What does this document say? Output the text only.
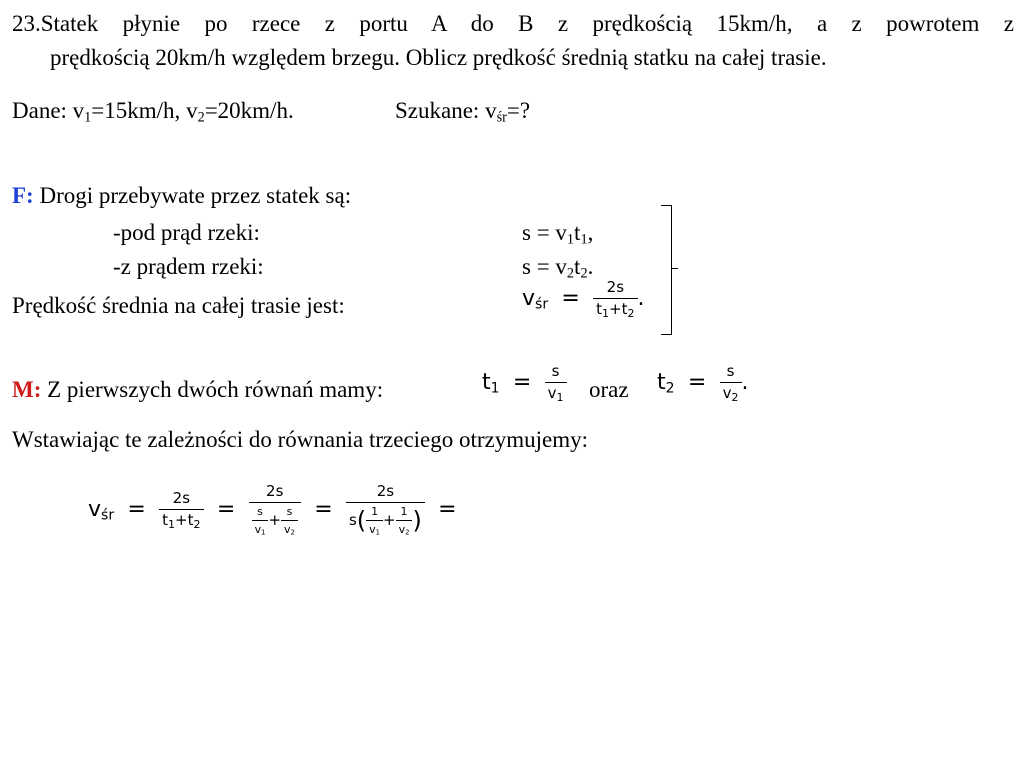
23.Statek płynie po rzece z portu A do B z prędkością 15km/h, a z powrotem z
prędkością 20km/h względem brzegu. Oblicz prędkość średnią statku na całej trasie.
Dane: $v_1=15km/h$, $v_2=20km/h$.	Szukane: $v_{śr}=$?
F: Drogi przebywate przez statek są:
-pod prąd rzeki:	$s = v_1t_1$,
-z prądem rzeki:	$s = v_2t_2$.
Prędkość średnia na całej trasie jest:	$v_{śr} = \frac{2s}{t_1+t_2}$ .
M: Z pierwszych dwóch równań mamy:	$t_1 = \frac{s}{v_1}$ oraz $t_2 = \frac{s}{v_2}$ .
Wstawiając te zależności do równania trzeciego otrzymujemy:
$v_{śr} = \frac{2s}{t_1+t_2} = \frac{2s}{\frac{s}{v_1} + \frac{s}{v_2}} = \frac{2s}{s( \frac{1}{v_1} + \frac{1}{v_2} )}$ =
